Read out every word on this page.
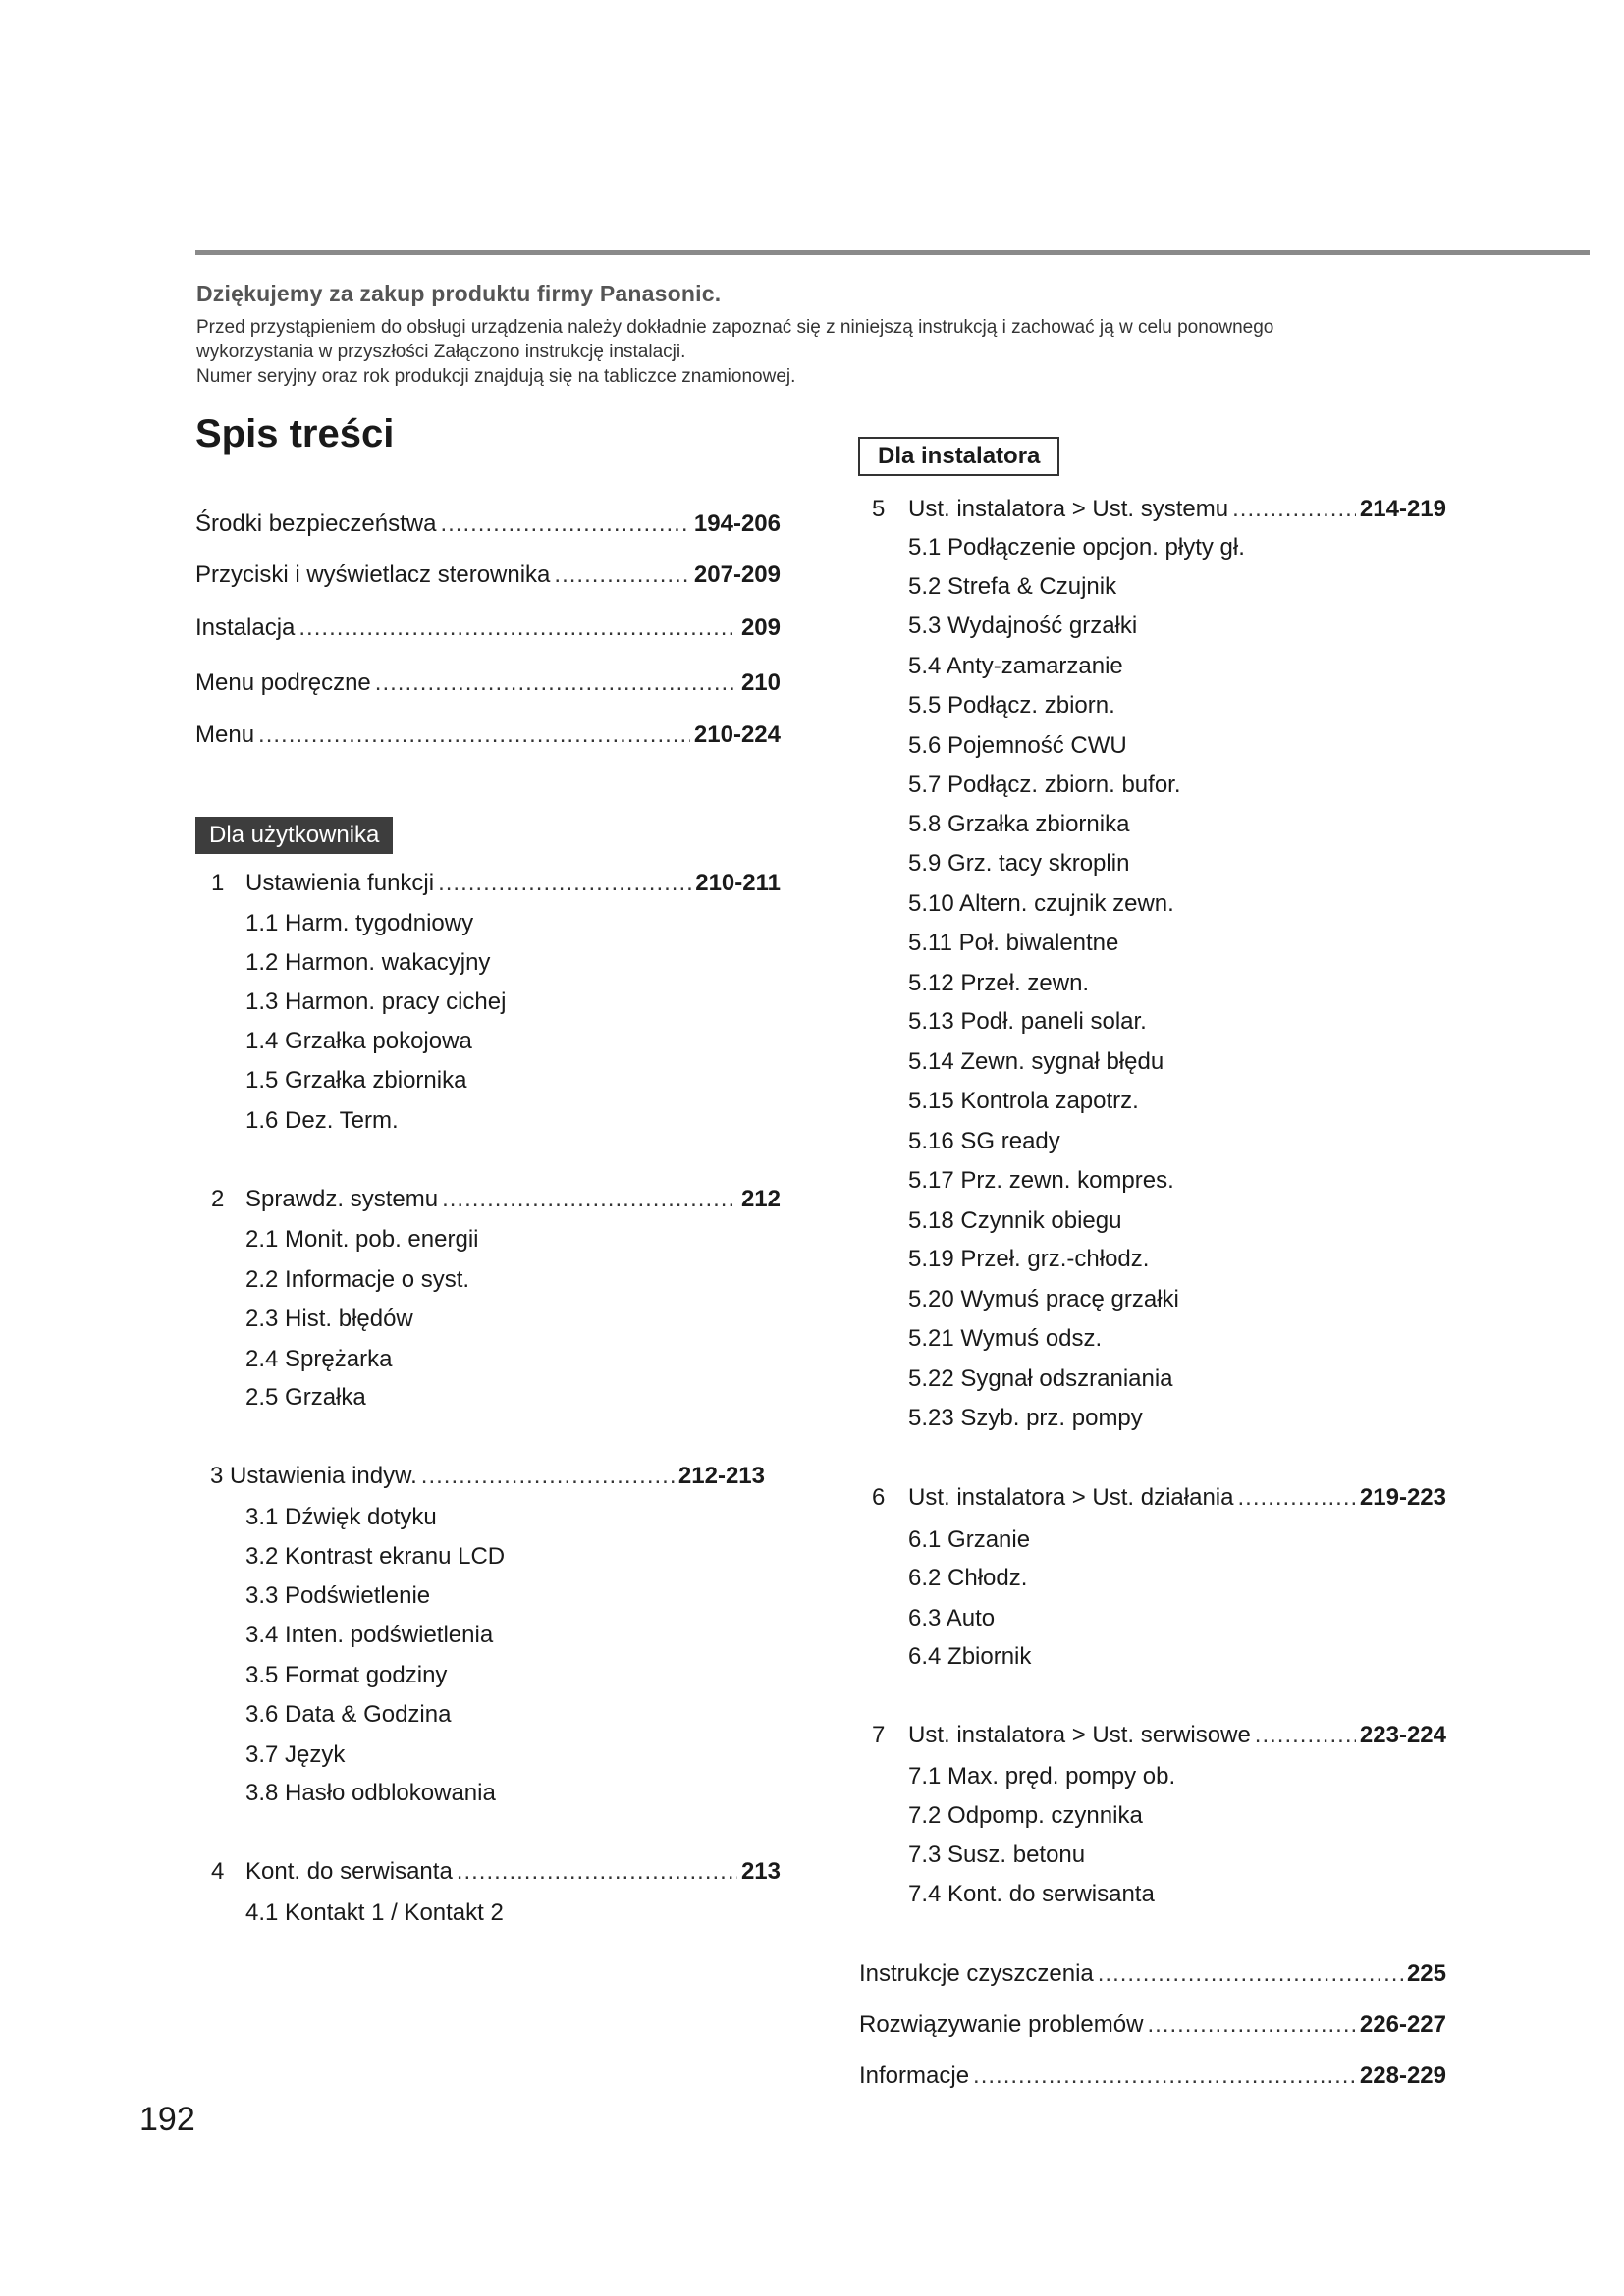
Dziękujemy za zakup produktu firmy Panasonic.

Przed przystąpieniem do obsługi urządzenia należy dokładnie zapoznać się z niniejszą instrukcją i zachować ją w celu ponownego

wykorzystania w przyszłości Załączono instrukcję instalacji.

Numer seryjny oraz rok produkcji znajdują się na tabliczce znamionowej.

Spis treści
Środki bezpieczeństwa .....	194-206
Przyciski i wyświetlacz sterownika .....	207-209
Instalacja .....	209
Menu podręczne .....	210
Menu .....	210-224
Dla użytkownika
1 Ustawienia funkcji .....	210-211
1.1 Harm. tygodniowy
1.2 Harmon. wakacyjny
1.3 Harmon. pracy cichej
1.4 Grzałka pokojowa
1.5 Grzałka zbiornika
1.6 Dez. Term.
2 Sprawdz. systemu .....	212
2.1 Monit. pob. energii
2.2 Informacje o syst.
2.3 Hist. błędów
2.4 Sprężarka
2.5 Grzałka
3 Ustawienia indyw. .....	212-213
3.1 Dźwięk dotyku
3.2 Kontrast ekranu LCD
3.3 Podświetlenie
3.4 Inten. podświetlenia
3.5 Format godziny
3.6 Data & Godzina
3.7 Język
3.8 Hasło odblokowania
4 Kont. do serwisanta .....	213
4.1 Kontakt 1 / Kontakt 2
Dla instalatora
5 Ust. instalatora > Ust. systemu .....	214-219
5.1 Podłączenie opcjon. płyty gł.
5.2 Strefa & Czujnik
5.3 Wydajność grzałki
5.4 Anty-zamarzanie
5.5 Podłącz. zbiorn.
5.6 Pojemność CWU
5.7 Podłącz. zbiorn. bufor.
5.8 Grzałka zbiornika
5.9 Grz. tacy skroplin
5.10 Altern. czujnik zewn.
5.11 Poł. biwalentne
5.12 Przeł. zewn.
5.13 Podł. paneli solar.
5.14 Zewn. sygnał błędu
5.15 Kontrola zapotrz.
5.16 SG ready
5.17 Prz. zewn. kompres.
5.18 Czynnik obiegu
5.19 Przeł. grz.-chłodz.
5.20 Wymuś pracę grzałki
5.21 Wymuś odsz.
5.22 Sygnał odszraniania
5.23 Szyb. prz. pompy
6 Ust. instalatora > Ust. działania .....	219-223
6.1 Grzanie
6.2 Chłodz.
6.3 Auto
6.4 Zbiornik
7 Ust. instalatora > Ust. serwisowe .....	223-224
7.1 Max. pręd. pompy ob.
7.2 Odpomp. czynnika
7.3 Susz. betonu
7.4 Kont. do serwisanta
Instrukcje czyszczenia .....	225
Rozwiązywanie problemów .....	226-227
Informacje .....	228-229
192
